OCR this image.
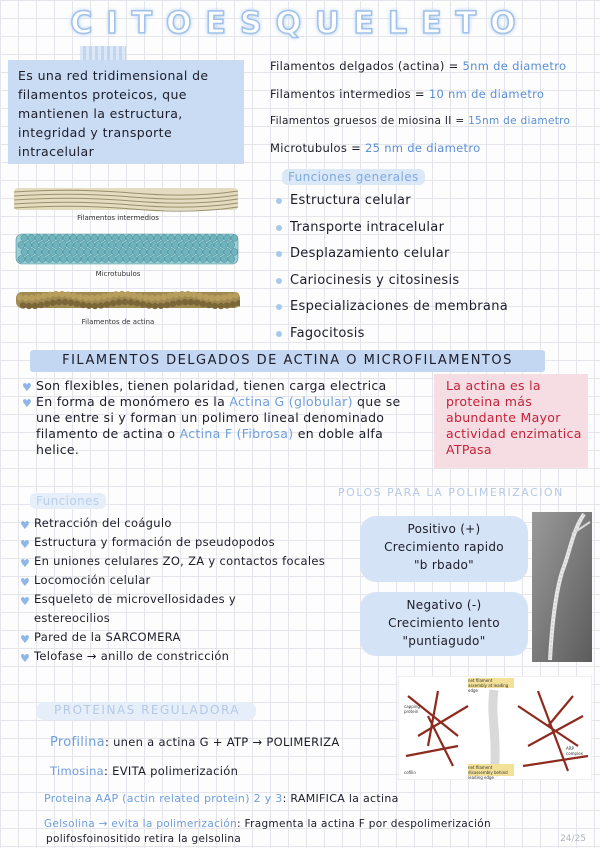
CITOESQUELETO
Es una red tridimensional de filamentos proteicos, que mantienen la estructura, integridad y transporte intracelular
Filamentos delgados (actina) = 5nm de diametro
Filamentos intermedios = 10 nm de diametro
Filamentos gruesos de miosina II = 15nm de diametro
Microtubulos = 25 nm de diametro
Filamentos intermedios
Microtubulos
Filamentos de actina
Funciones generales
Estructura celular
Transporte intracelular
Desplazamiento celular
Cariocinesis y citosinesis
Especializaciones de membrana
Fagocitosis
FILAMENTOS DELGADOS DE ACTINA O MICROFILAMENTOS
♥ Son flexibles, tienen polaridad, tienen carga electrica
♥ En forma de monómero es la Actina G (globular) que se une entre si y forman un polimero lineal denominado filamento de actina o Actina F (Fibrosa) en doble alfa helice.
La actina es la proteina más abundante Mayor actividad enzimatica ATPasa
Funciones
♥ Retracción del coágulo
♥ Estructura y formación de pseudopodos
♥ En uniones celulares ZO, ZA y contactos focales
♥ Locomoción celular
♥ Esqueleto de microvellosidades y estereocilios
♥ Pared de la SARCOMERA
♥ Telofase → anillo de constricción
POLOS PARA LA POLIMERIZACIÓN
Positivo (+)
Crecimiento rapido
"b rbado"
Negativo (-)
Crecimiento lento
"puntiagudo"
PROTEINAS REGULADORA
Profilina: unen a actina G + ATP → POLIMERIZA
Timosina: EVITA polimerización
Proteina AAP (actin related protein) 2 y 3: RAMIFICA la actina
Gelsolina → evita la polimerización: Fragmenta la actina F por despolimerización
polifosfoinositido retira la gelsolina
net filament assembly at leading edge
net filament disassembly behind leading edge
capping protein
cofilin
ARP complex
24/25
